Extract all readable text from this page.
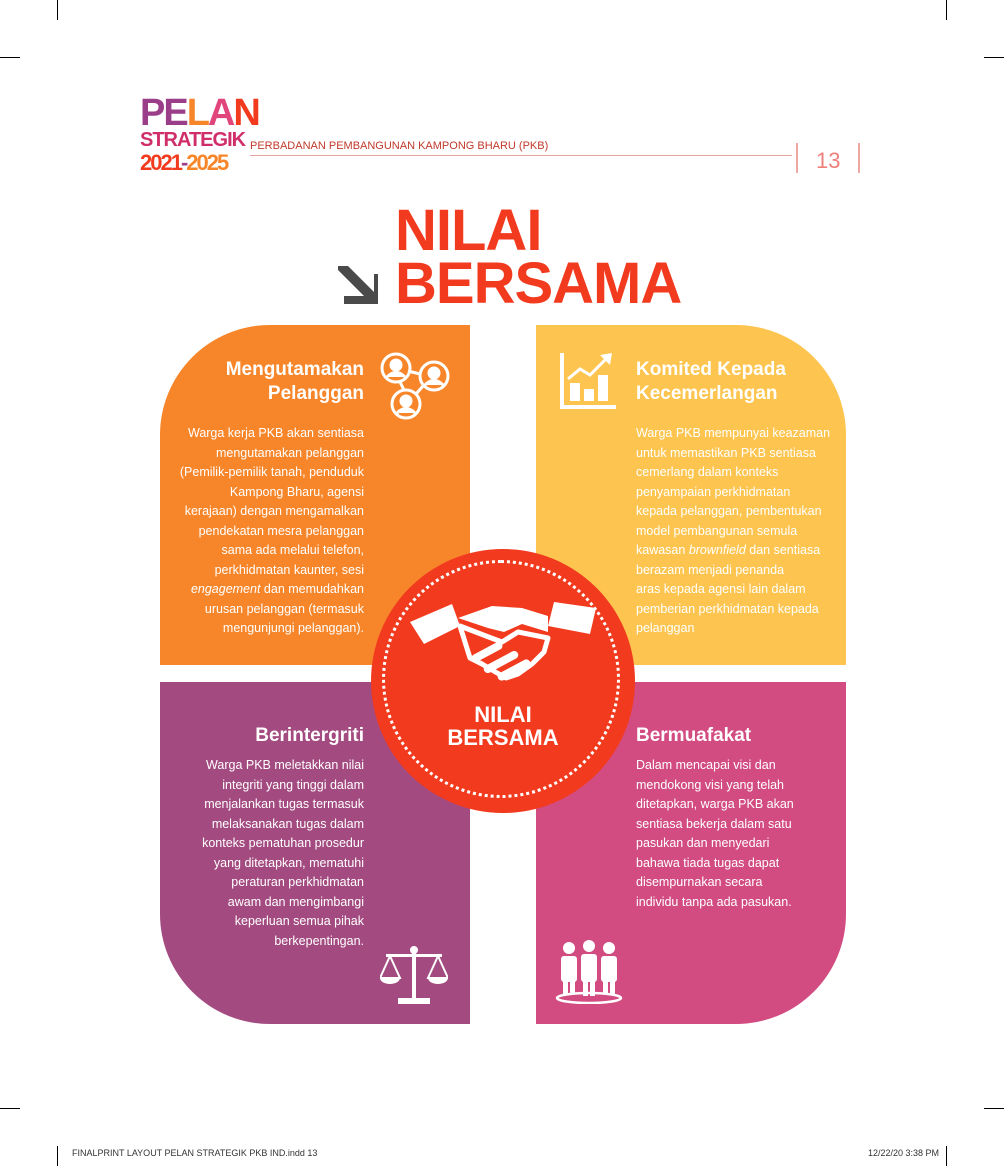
PELAN
STRATEGIK
2021-2025
PERBADANAN PEMBANGUNAN KAMPONG BHARU (PKB)
13
NILAI
BERSAMA
Mengutamakan
Pelanggan
Warga kerja PKB akan sentiasa
mengutamakan pelanggan
(Pemilik-pemilik tanah, penduduk
Kampong Bharu, agensi
kerajaan) dengan mengamalkan
pendekatan mesra pelanggan
sama ada melalui telefon,
perkhidmatan kaunter, sesi
engagement dan memudahkan
urusan pelanggan (termasuk
mengunjungi pelanggan).
Komited Kepada
Kecemerlangan
Warga PKB mempunyai keazaman
untuk memastikan PKB sentiasa
cemerlang dalam konteks
penyampaian perkhidmatan
kepada pelanggan, pembentukan
model pembangunan semula
kawasan brownfield dan sentiasa
berazam menjadi penanda
aras kepada agensi lain dalam
pemberian perkhidmatan kepada
pelanggan
Berintergriti
Warga PKB meletakkan nilai
integriti yang tinggi dalam
menjalankan tugas termasuk
melaksanakan tugas dalam
konteks pematuhan prosedur
yang ditetapkan, mematuhi
peraturan perkhidmatan
awam dan mengimbangi
keperluan semua pihak
berkepentingan.
Bermuafakat
Dalam mencapai visi dan
mendokong visi yang telah
ditetapkan, warga PKB akan
sentiasa bekerja dalam satu
pasukan dan menyedari
bahawa tiada tugas dapat
disempurnakan secara
individu tanpa ada pasukan.
NILAI
BERSAMA
FINALPRINT LAYOUT PELAN STRATEGIK PKB IND.indd 13	12/22/20 3:38 PM
